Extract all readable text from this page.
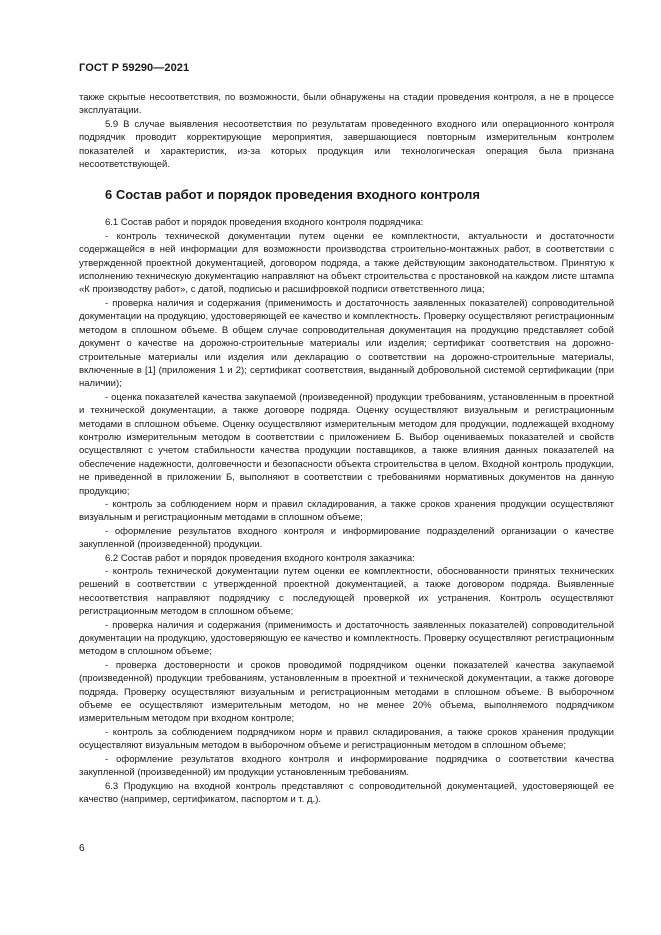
ГОСТ Р 59290—2021

также скрытые несоответствия, по возможности, были обнаружены на стадии проведения контроля, а не в процессе эксплуатации.

5.9 В случае выявления несоответствия по результатам проведенного входного или операционного контроля подрядчик проводит корректирующие мероприятия, завершающиеся повторным измерительным контролем показателей и характеристик, из-за которых продукция или технологическая операция была признана несоответствующей.

6 Состав работ и порядок проведения входного контроля

6.1 Состав работ и порядок проведения входного контроля подрядчика:

- контроль технической документации путем оценки ее комплектности, актуальности и достаточности содержащейся в ней информации для возможности производства строительно-монтажных работ, в соответствии с утвержденной проектной документацией, договором подряда, а также действующим законодательством. Принятую к исполнению техническую документацию направляют на объект строительства с простановкой на каждом листе штампа «К производству работ», с датой, подписью и расшифровкой подписи ответственного лица;

- проверка наличия и содержания (применимость и достаточность заявленных показателей) сопроводительной документации на продукцию, удостоверяющей ее качество и комплектность. Проверку осуществляют регистрационным методом в сплошном объеме. В общем случае сопроводительная документация на продукцию представляет собой документ о качестве на дорожно-строительные материалы или изделия; сертификат соответствия на дорожно-строительные материалы или изделия или декларацию о соответствии на дорожно-строительные материалы, включенные в [1] (приложения 1 и 2); сертификат соответствия, выданный добровольной системой сертификации (при наличии);

- оценка показателей качества закупаемой (произведенной) продукции требованиям, установленным в проектной и технической документации, а также договоре подряда. Оценку осуществляют визуальным и регистрационным методами в сплошном объеме. Оценку осуществляют измерительным методом для продукции, подлежащей входному контролю измерительным методом в соответствии с приложением Б. Выбор оцениваемых показателей и свойств осуществляют с учетом стабильности качества продукции поставщиков, а также влияния данных показателей на обеспечение надежности, долговечности и безопасности объекта строительства в целом. Входной контроль продукции, не приведенной в приложении Б, выполняют в соответствии с требованиями нормативных документов на данную продукцию;

- контроль за соблюдением норм и правил складирования, а также сроков хранения продукции осуществляют визуальным и регистрационным методами в сплошном объеме;

- оформление результатов входного контроля и информирование подразделений организации о качестве закупленной (произведенной) продукции.

6.2 Состав работ и порядок проведения входного контроля заказчика:

- контроль технической документации путем оценки ее комплектности, обоснованности принятых технических решений в соответствии с утвержденной проектной документацией, а также договором подряда. Выявленные несоответствия направляют подрядчику с последующей проверкой их устранения. Контроль осуществляют регистрационным методом в сплошном объеме;

- проверка наличия и содержания (применимость и достаточность заявленных показателей) сопроводительной документации на продукцию, удостоверяющую ее качество и комплектность. Проверку осуществляют регистрационным методом в сплошном объеме;

- проверка достоверности и сроков проводимой подрядчиком оценки показателей качества закупаемой (произведенной) продукции требованиям, установленным в проектной и технической документации, а также договоре подряда. Проверку осуществляют визуальным и регистрационным методами в сплошном объеме. В выборочном объеме ее осуществляют измерительным методом, но не менее 20% объема, выполняемого подрядчиком измерительным методом при входном контроле;

- контроль за соблюдением подрядчиком норм и правил складирования, а также сроков хранения продукции осуществляют визуальным методом в выборочном объеме и регистрационным методом в сплошном объеме;

- оформление результатов входного контроля и информирование подрядчика о соответствии качества закупленной (произведенной) им продукции установленным требованиям.

6.3 Продукцию на входной контроль представляют с сопроводительной документацией, удостоверяющей ее качество (например, сертификатом, паспортом и т. д.).

6
